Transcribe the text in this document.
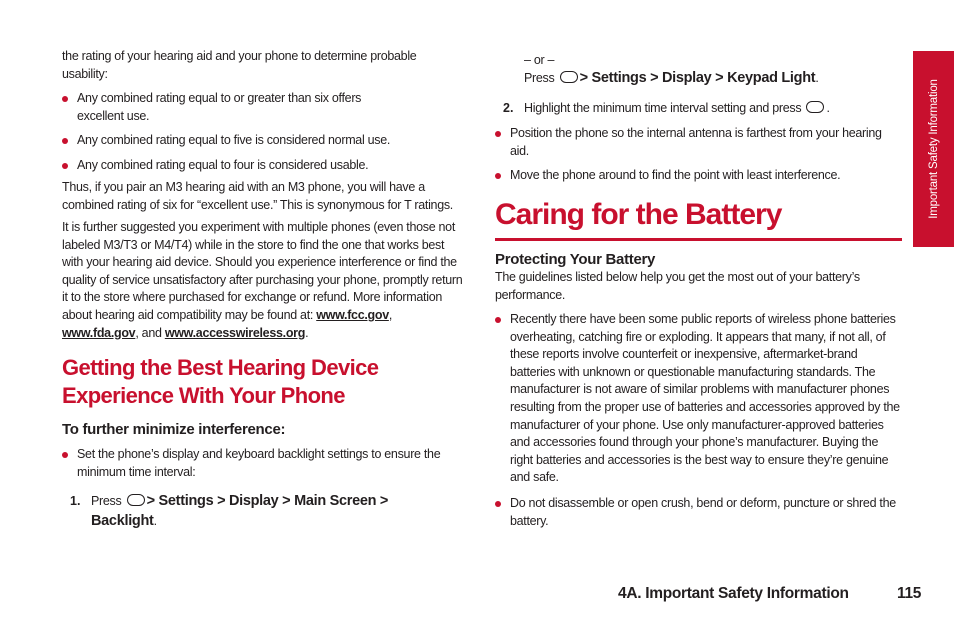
the rating of your hearing aid and your phone to determine probable usability:

Any combined rating equal to or greater than six offers excellent use.

Any combined rating equal to five is considered normal use.

Any combined rating equal to four is considered usable.

Thus, if you pair an M3 hearing aid with an M3 phone, you will have a combined rating of six for “excellent use.” This is synonymous for T ratings.

It is further suggested you experiment with multiple phones (even those not labeled M3/T3 or M4/T4) while in the store to find the one that works best with your hearing aid device. Should you experience interference or find the quality of service unsatisfactory after purchasing your phone, promptly return it to the store where purchased for exchange or refund. More information about hearing aid compatibility may be found at: www.fcc.gov, www.fda.gov, and www.accesswireless.org.

Getting the Best Hearing Device

Experience With Your Phone

To further minimize interference:

Set the phone’s display and keyboard backlight settings to ensure the minimum time interval:

1. Press > Settings > Display > Main Screen > Backlight.

– or –

Press > Settings > Display > Keypad Light.

2. Highlight the minimum time interval setting and press .

Position the phone so the internal antenna is farthest from your hearing aid.

Move the phone around to find the point with least interference.

Caring for the Battery

Protecting Your Battery

The guidelines listed below help you get the most out of your battery’s performance.

Recently there have been some public reports of wireless phone batteries overheating, catching fire or exploding. It appears that many, if not all, of these reports involve counterfeit or inexpensive, aftermarket-brand batteries with unknown or questionable manufacturing standards. The manufacturer is not aware of similar problems with manufacturer phones resulting from the proper use of batteries and accessories approved by the manufacturer of your phone. Use only manufacturer-approved batteries and accessories found through your phone’s manufacturer. Buying the right batteries and accessories is the best way to ensure they’re genuine and safe.

Do not disassemble or open crush, bend or deform, puncture or shred the battery.

Important Safety Information
4A. Important Safety Information	115
